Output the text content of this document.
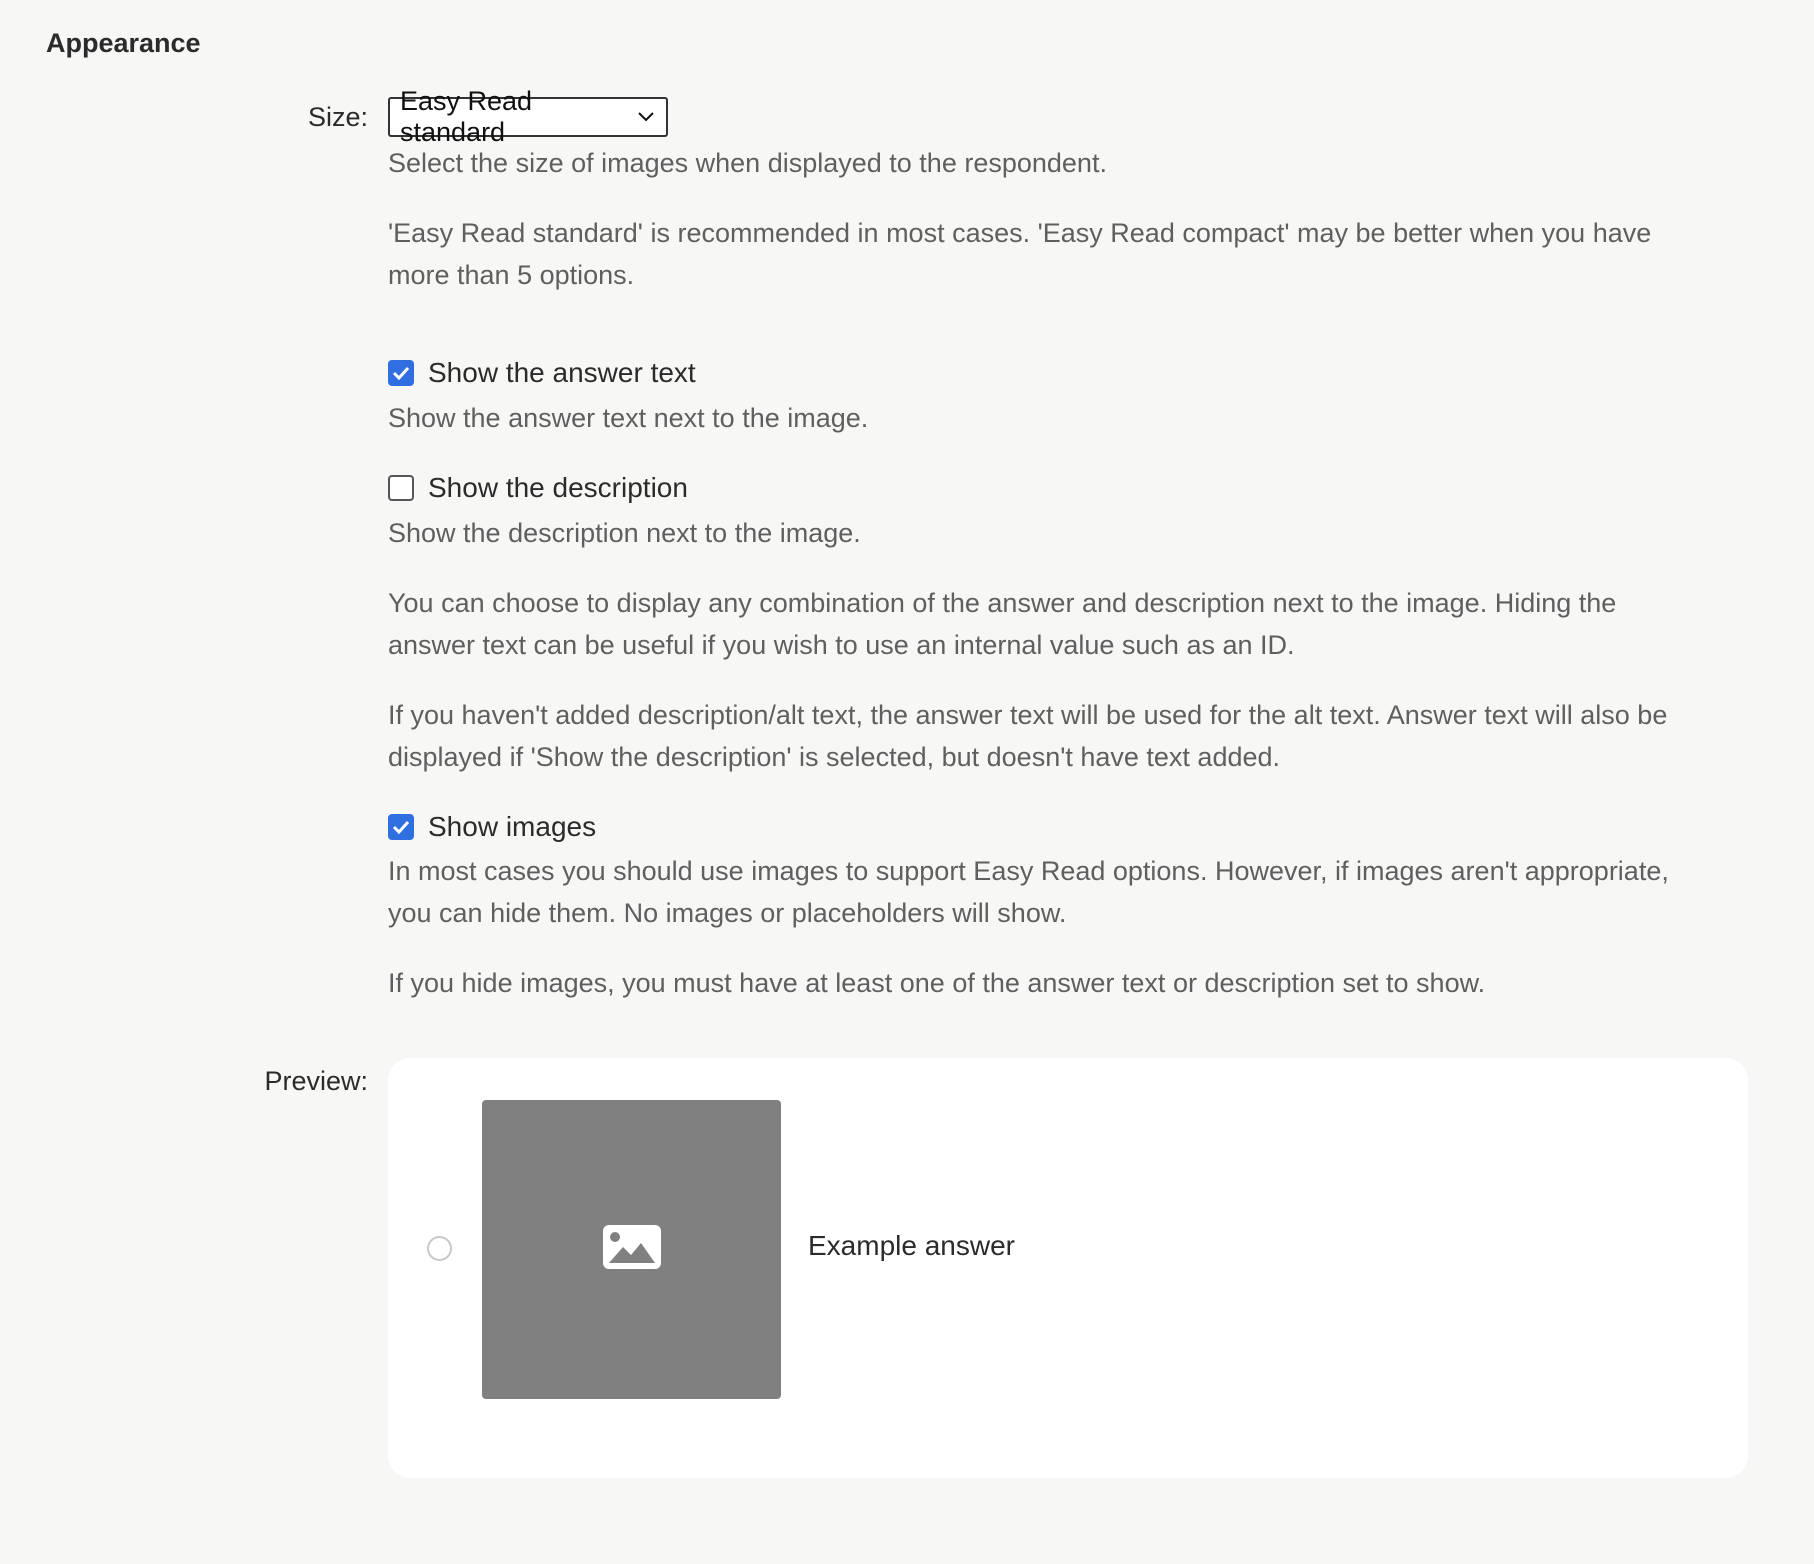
Appearance
Size:
Easy Read standard

Select the size of images when displayed to the respondent.

'Easy Read standard' is recommended in most cases. 'Easy Read compact' may be better when you have more than 5 options.

Show the answer text

Show the answer text next to the image.

Show the description

Show the description next to the image.

You can choose to display any combination of the answer and description next to the image. Hiding the answer text can be useful if you wish to use an internal value such as an ID.

If you haven't added description/alt text, the answer text will be used for the alt text. Answer text will also be displayed if 'Show the description' is selected, but doesn't have text added.

Show images

In most cases you should use images to support Easy Read options. However, if images aren't appropriate, you can hide them. No images or placeholders will show.

If you hide images, you must have at least one of the answer text or description set to show.

Preview:
Example answer
